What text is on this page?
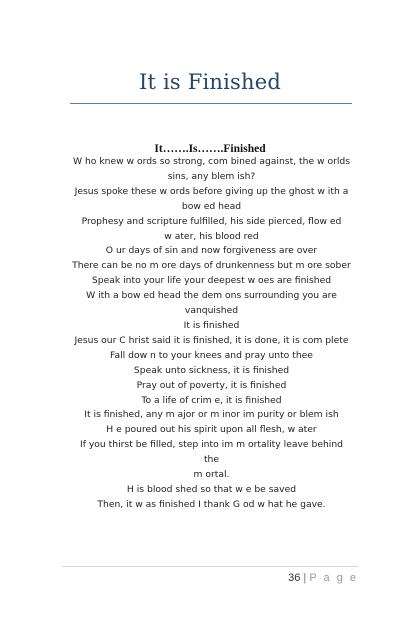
It is Finished
It…….Is…….Finished
W ho knew w ords so strong, com bined against, the w orlds
sins, any blem ish?
Jesus spoke these w ords before giving up the ghost w ith a
bow ed head
Prophesy and scripture fulfilled, his side pierced, flow ed
w ater, his blood red
O ur days of sin and now forgiveness are over
There can be no m ore days of drunkenness but m ore sober
Speak into your life your deepest w oes are finished
W ith a bow ed head the dem ons surrounding you are
vanquished
It is finished
Jesus our C hrist said it is finished, it is done, it is com plete
Fall dow n to your knees and pray unto thee
Speak unto sickness, it is finished
Pray out of poverty, it is finished
To a life of crim e, it is finished
It is finished, any m ajor or m inor im purity or blem ish
H e poured out his spirit upon all flesh, w ater
If you thirst be filled, step into im m ortality leave behind the
m ortal.
H is blood shed so that w e be saved
Then, it w as finished I thank G od w hat he gave.
36 | P a g e
